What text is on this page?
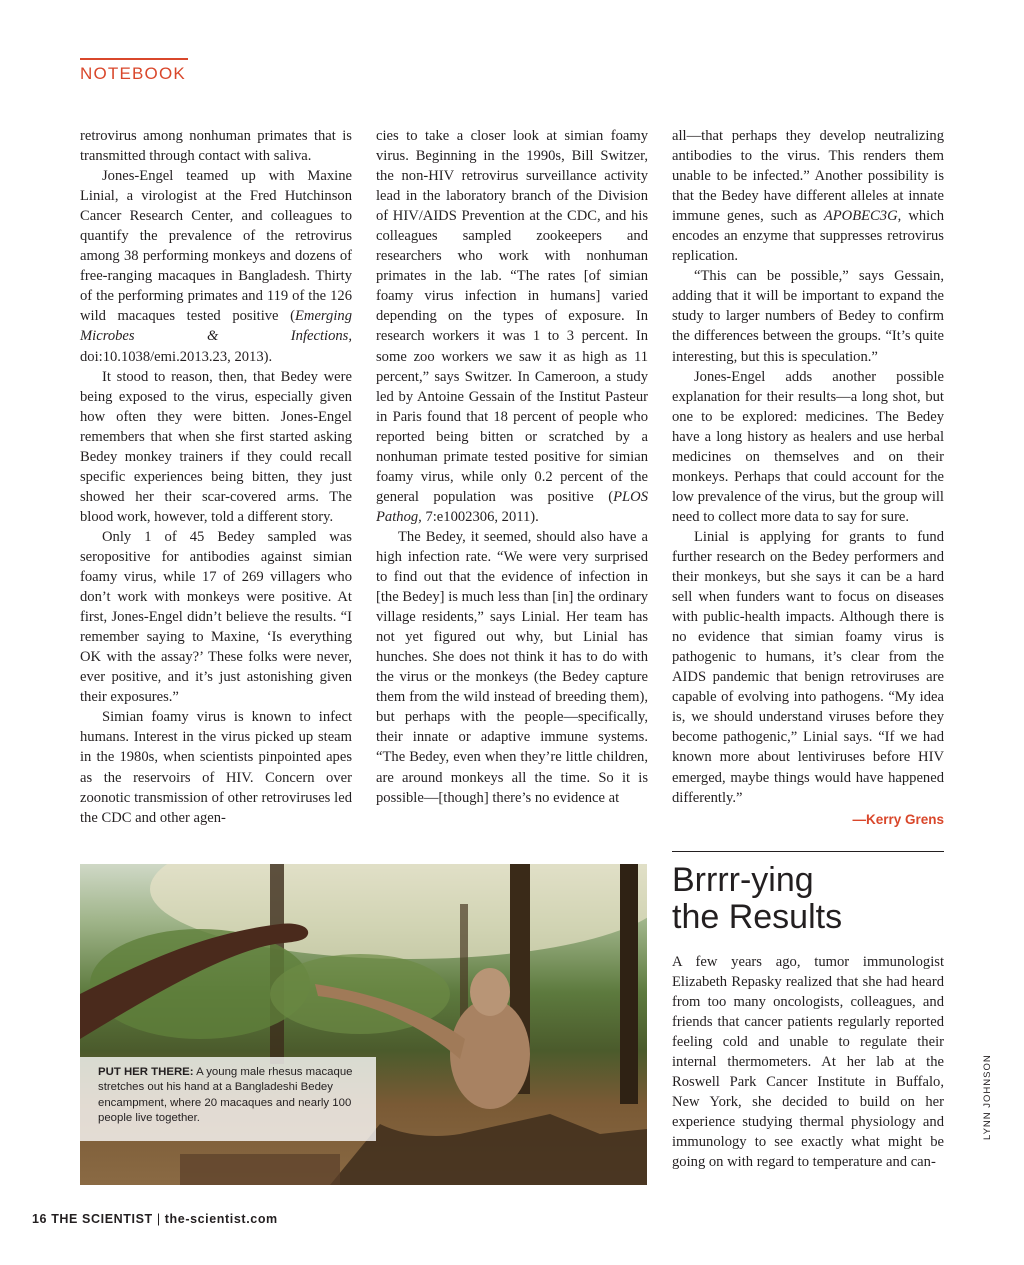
NOTEBOOK

retrovirus among nonhuman primates that is transmitted through contact with saliva.

Jones-Engel teamed up with Maxine Linial, a virologist at the Fred Hutchinson Cancer Research Center, and colleagues to quantify the prevalence of the retrovirus among 38 performing monkeys and dozens of free-ranging macaques in Bangladesh. Thirty of the performing primates and 119 of the 126 wild macaques tested positive (Emerging Microbes & Infections, doi:10.1038/emi.2013.23, 2013).

It stood to reason, then, that Bedey were being exposed to the virus, especially given how often they were bitten. Jones-Engel remembers that when she first started asking Bedey monkey trainers if they could recall specific experiences being bitten, they just showed her their scar-covered arms. The blood work, however, told a different story.

Only 1 of 45 Bedey sampled was seropositive for antibodies against simian foamy virus, while 17 of 269 villagers who don’t work with monkeys were positive. At first, Jones-Engel didn’t believe the results. “I remember saying to Maxine, ‘Is everything OK with the assay?’ These folks were never, ever positive, and it’s just astonishing given their exposures.”

Simian foamy virus is known to infect humans. Interest in the virus picked up steam in the 1980s, when scientists pinpointed apes as the reservoirs of HIV. Concern over zoonotic transmission of other retroviruses led the CDC and other agen-

cies to take a closer look at simian foamy virus. Beginning in the 1990s, Bill Switzer, the non-HIV retrovirus surveillance activity lead in the laboratory branch of the Division of HIV/AIDS Prevention at the CDC, and his colleagues sampled zookeepers and researchers who work with nonhuman primates in the lab. “The rates [of simian foamy virus infection in humans] varied depending on the types of exposure. In research workers it was 1 to 3 percent. In some zoo workers we saw it as high as 11 percent,” says Switzer. In Cameroon, a study led by Antoine Gessain of the Institut Pasteur in Paris found that 18 percent of people who reported being bitten or scratched by a nonhuman primate tested positive for simian foamy virus, while only 0.2 percent of the general population was positive (PLOS Pathog, 7:e1002306, 2011).

The Bedey, it seemed, should also have a high infection rate. “We were very surprised to find out that the evidence of infection in [the Bedey] is much less than [in] the ordinary village residents,” says Linial. Her team has not yet figured out why, but Linial has hunches. She does not think it has to do with the virus or the monkeys (the Bedey capture them from the wild instead of breeding them), but perhaps with the people—specifically, their innate or adaptive immune systems. “The Bedey, even when they’re little children, are around monkeys all the time. So it is possible—[though] there’s no evidence at

all—that perhaps they develop neutralizing antibodies to the virus. This renders them unable to be infected.” Another possibility is that the Bedey have different alleles at innate immune genes, such as APOBEC3G, which encodes an enzyme that suppresses retrovirus replication.

“This can be possible,” says Gessain, adding that it will be important to expand the study to larger numbers of Bedey to confirm the differences between the groups. “It’s quite interesting, but this is speculation.”

Jones-Engel adds another possible explanation for their results—a long shot, but one to be explored: medicines. The Bedey have a long history as healers and use herbal medicines on themselves and on their monkeys. Perhaps that could account for the low prevalence of the virus, but the group will need to collect more data to say for sure.

Linial is applying for grants to fund further research on the Bedey performers and their monkeys, but she says it can be a hard sell when funders want to focus on diseases with public-health impacts. Although there is no evidence that simian foamy virus is pathogenic to humans, it’s clear from the AIDS pandemic that benign retroviruses are capable of evolving into pathogens. “My idea is, we should understand viruses before they become pathogenic,” Linial says. “If we had known more about lentiviruses before HIV emerged, maybe things would have happened differently.”

—Kerry Grens
Brrrr-ying
the Results

A few years ago, tumor immunologist Elizabeth Repasky realized that she had heard from too many oncologists, colleagues, and friends that cancer patients regularly reported feeling cold and unable to regulate their internal thermometers. At her lab at the Roswell Park Cancer Institute in Buffalo, New York, she decided to build on her experience studying thermal physiology and immunology to see exactly what might be going on with regard to temperature and can-

PUT HER THERE: A young male rhesus macaque stretches out his hand at a Bangladeshi Bedey encampment, where 20 macaques and nearly 100 people live together.	LYNN JOHNSON
16 THE SCIENTIST | the-scientist.com
